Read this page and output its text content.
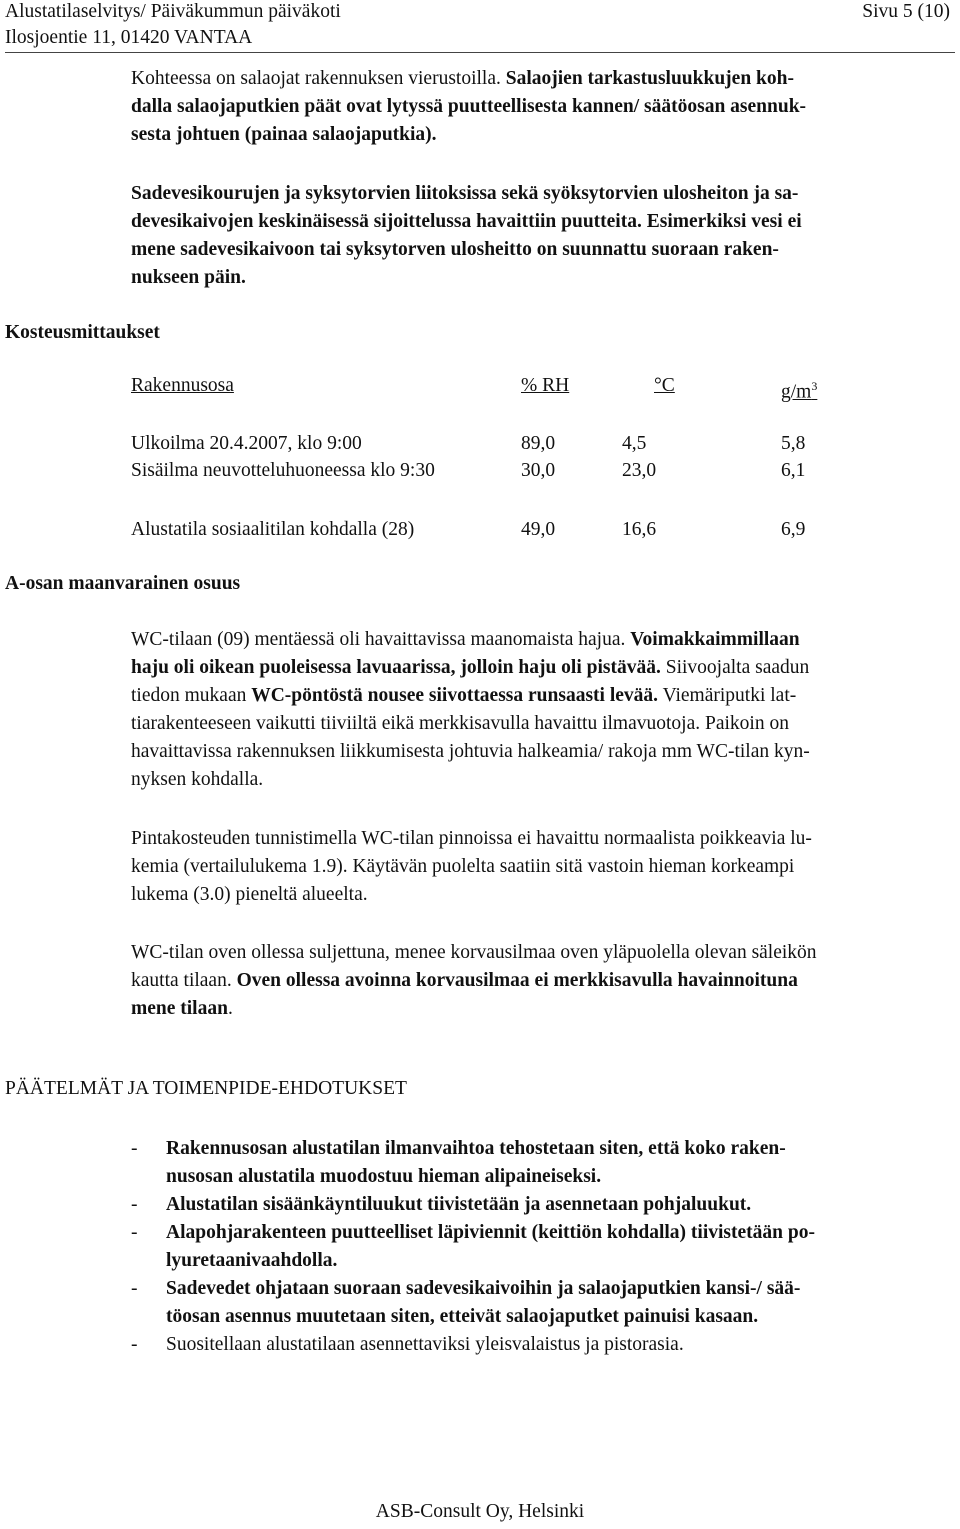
Alustatilaselvitys/ Päiväkummun päiväkoti
Ilosjoentie 11, 01420 VANTAA
Sivu 5 (10)
Kohteessa on salaojat rakennuksen vierustoilla. Salaojien tarkastusluukkujen koh-
dalla salaojaputkien päät ovat lytyssä puutteellisesta kannen/ säätöosan asennuk-
sesta johtuen (painaa salaojaputkia).
Sadevesikourujen ja syksytorvien liitoksissa sekä syöksytorvien ulosheiton ja sa-
devesikaivojen keskinäisessä sijoittelussa havaittiin puutteita. Esimerkiksi vesi ei
mene sadevesikaivoon tai syksytorven ulosheitto on suunnattu suoraan raken-
nukseen päin.
Kosteusmittaukset
Rakennusosa	% RH	°C	$g/m^3$
Ulkoilma 20.4.2007, klo 9:00	89,0	4,5	5,8
Sisäilma neuvotteluhuoneessa klo 9:30	30,0	23,0	6,1
Alustatila sosiaalitilan kohdalla (28)	49,0	16,6	6,9
A-osan maanvarainen osuus
WC-tilaan (09) mentäessä oli havaittavissa maanomaista hajua. Voimakkaimmillaan
haju oli oikean puoleisessa lavuaarissa, jolloin haju oli pistävää. Siivoojalta saadun
tiedon mukaan WC-pöntöstä nousee siivottaessa runsaasti levää. Viemäriputki lat-
tiarakenteeseen vaikutti tiiviiltä eikä merkkisavulla havaittu ilmavuotoja. Paikoin on
havaittavissa rakennuksen liikkumisesta johtuvia halkeamia/ rakoja mm WC-tilan kyn-
nyksen kohdalla.
Pintakosteuden tunnistimella WC-tilan pinnoissa ei havaittu normaalista poikkeavia lu-
kemia (vertailulukema 1.9). Käytävän puolelta saatiin sitä vastoin hieman korkeampi
lukema (3.0) pieneltä alueelta.
WC-tilan oven ollessa suljettuna, menee korvausilmaa oven yläpuolella olevan säleikön
kautta tilaan. Oven ollessa avoinna korvausilmaa ei merkkisavulla havainnoituna
mene tilaan.
PÄÄTELMÄT JA TOIMENPIDE-EHDOTUKSET
- Rakennusosan alustatilan ilmanvaihtoa tehostetaan siten, että koko raken-
nusosan alustatila muodostuu hieman alipaineiseksi.
- Alustatilan sisäänkäyntiluukut tiivistetään ja asennetaan pohjaluukut.
- Alapohjarakenteen puutteelliset läpiviennit (keittiön kohdalla) tiivistetään po-
lyuretaanivaahdolla.
- Sadevedet ohjataan suoraan sadevesikaivoihin ja salaojaputkien kansi-/ sää-
töosan asennus muutetaan siten, etteivät salaojaputket painuisi kasaan.
- Suositellaan alustatilaan asennettaviksi yleisvalaistus ja pistorasia.
ASB-Consult Oy, Helsinki
